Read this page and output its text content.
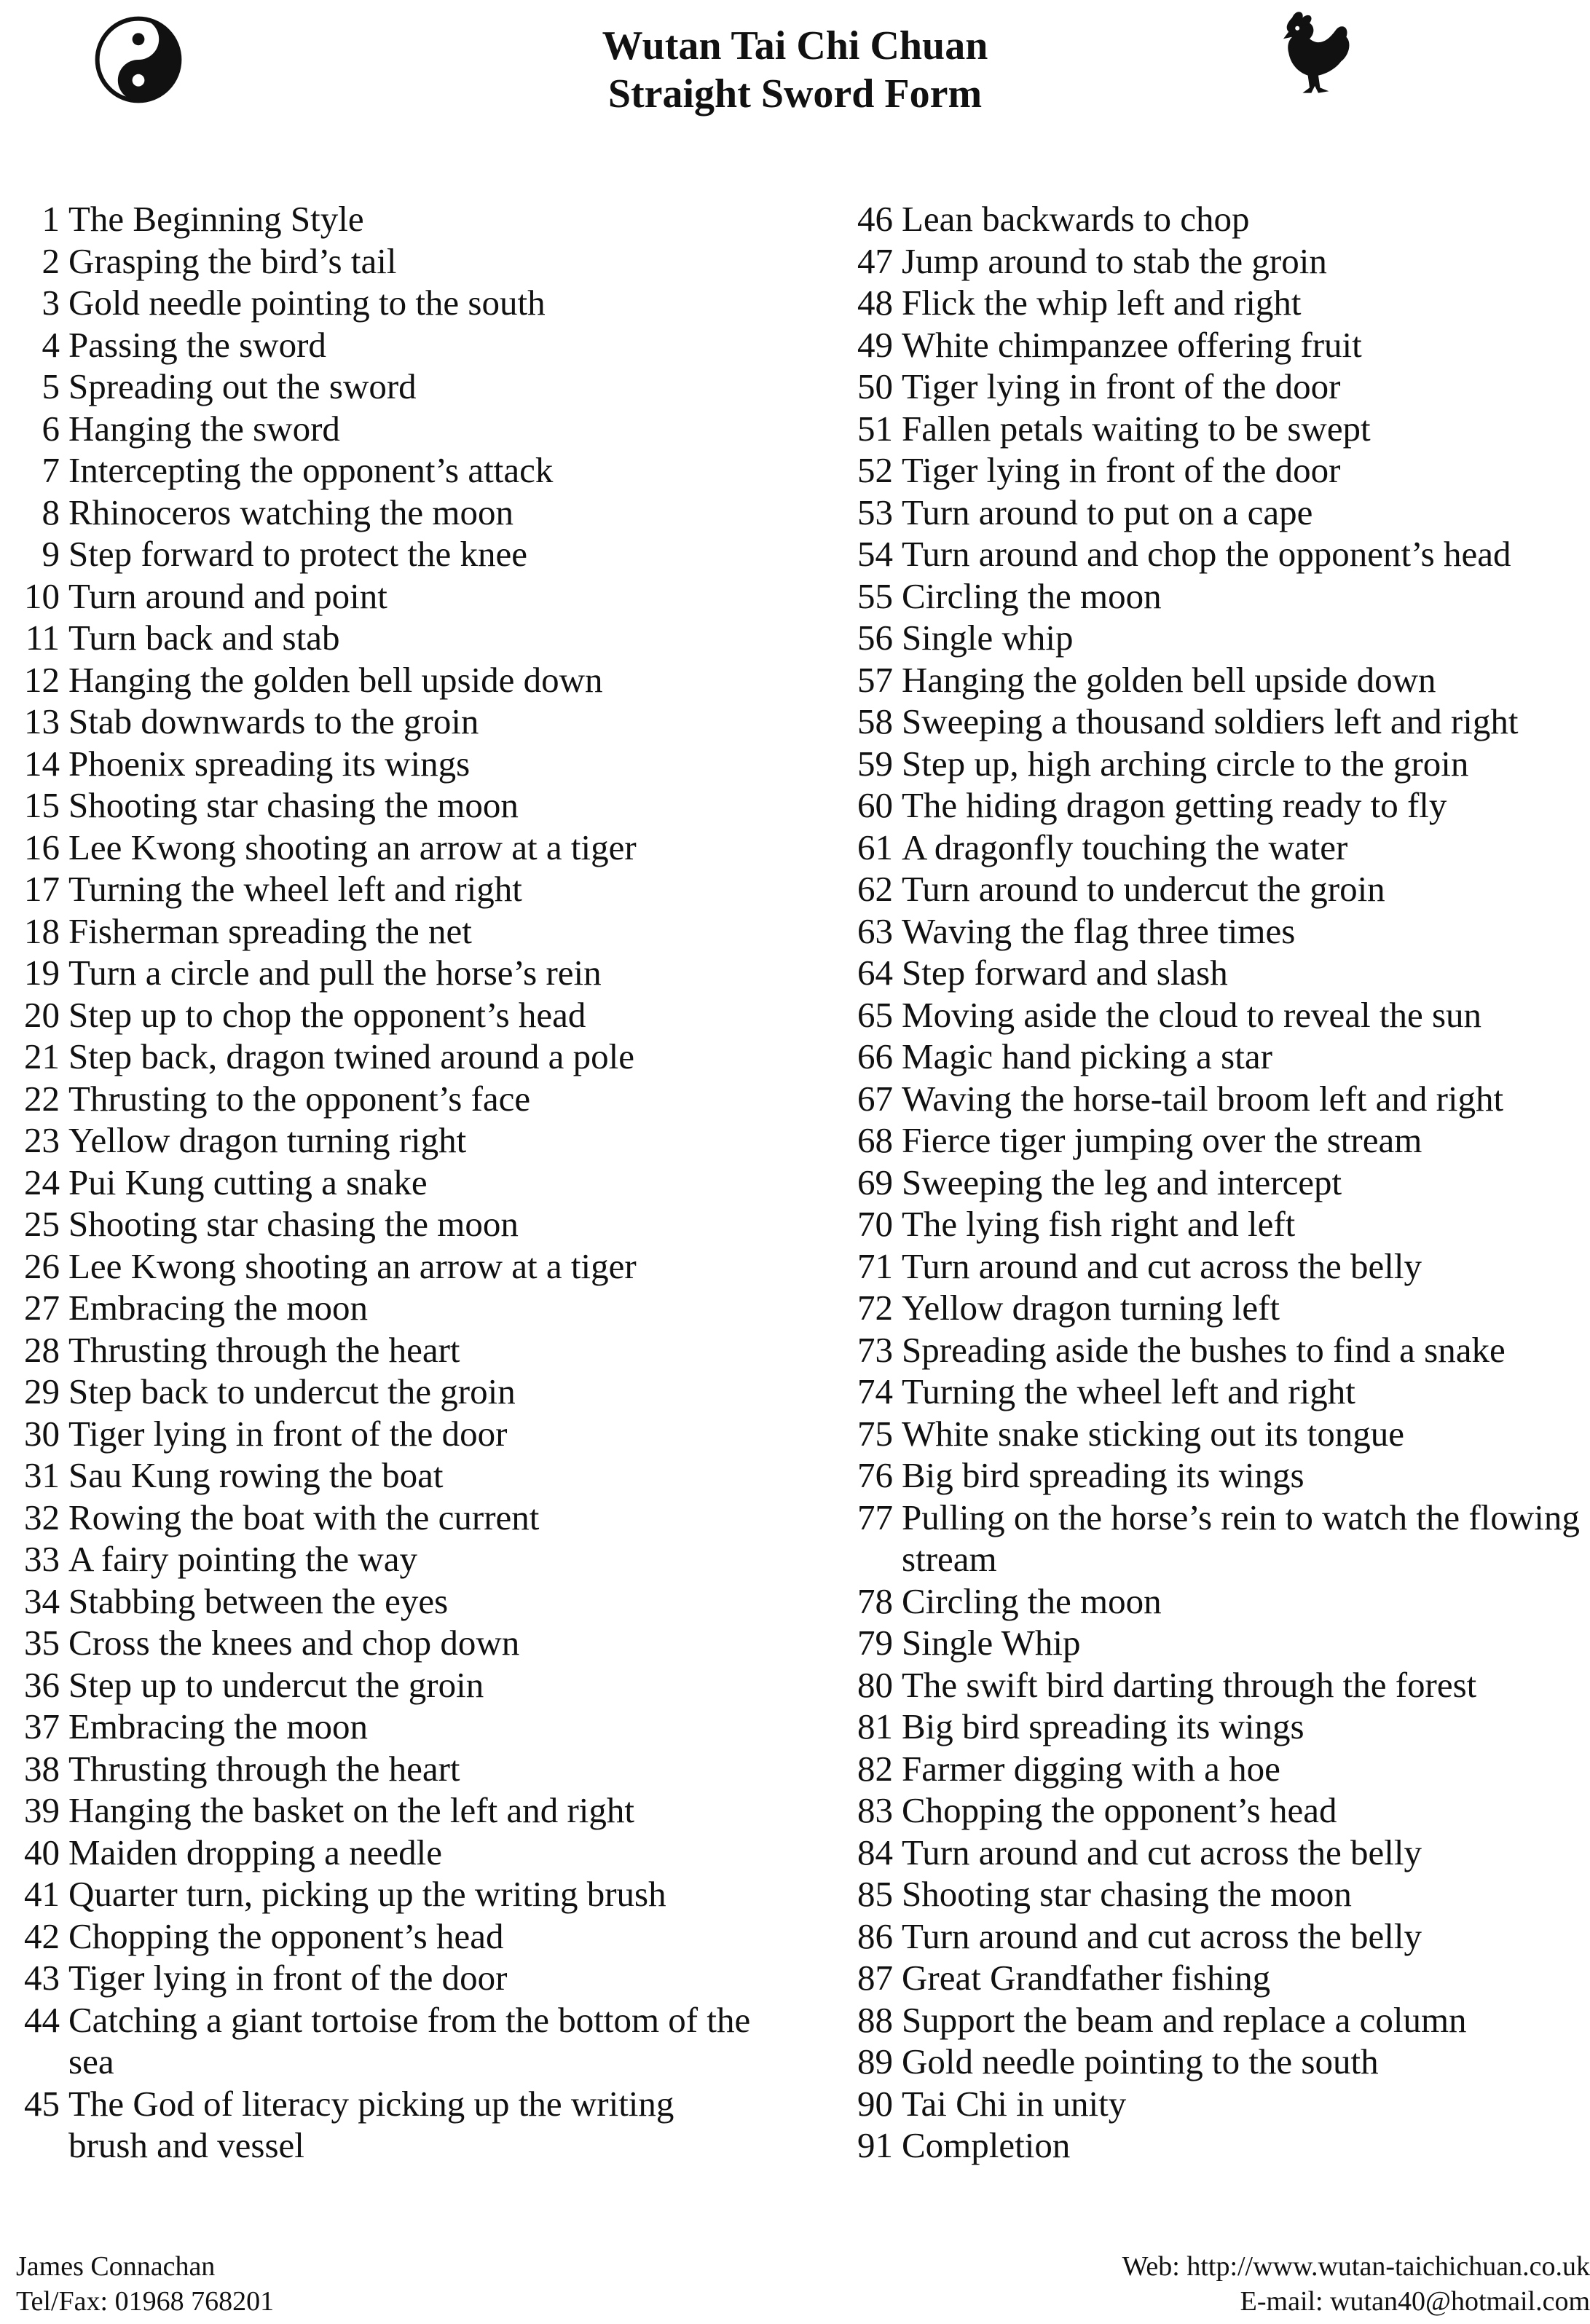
Wutan Tai Chi Chuan
Straight Sword Form
1 The Beginning Style
2 Grasping the bird’s tail
3 Gold needle pointing to the south
4 Passing the sword
5 Spreading out the sword
6 Hanging the sword
7 Intercepting the opponent’s attack
8 Rhinoceros watching the moon
9 Step forward to protect the knee
10 Turn around and point
11 Turn back and stab
12 Hanging the golden bell upside down
13 Stab downwards to the groin
14 Phoenix spreading its wings
15 Shooting star chasing the moon
16 Lee Kwong shooting an arrow at a tiger
17 Turning the wheel left and right
18 Fisherman spreading the net
19 Turn a circle and pull the horse’s rein
20 Step up to chop the opponent’s head
21 Step back, dragon twined around a pole
22 Thrusting to the opponent’s face
23 Yellow dragon turning right
24 Pui Kung cutting a snake
25 Shooting star chasing the moon
26 Lee Kwong shooting an arrow at a tiger
27 Embracing the moon
28 Thrusting through the heart
29 Step back to undercut the groin
30 Tiger lying in front of the door
31 Sau Kung rowing the boat
32 Rowing the boat with the current
33 A fairy pointing the way
34 Stabbing between the eyes
35 Cross the knees and chop down
36 Step up to undercut the groin
37 Embracing the moon
38 Thrusting through the heart
39 Hanging the basket on the left and right
40 Maiden dropping a needle
41 Quarter turn, picking up the writing brush
42 Chopping the opponent’s head
43 Tiger lying in front of the door
44 Catching a giant tortoise from the bottom of the sea
45 The God of literacy picking up the writing brush and vessel
46 Lean backwards to chop
47 Jump around to stab the groin
48 Flick the whip left and right
49 White chimpanzee offering fruit
50 Tiger lying in front of the door
51 Fallen petals waiting to be swept
52 Tiger lying in front of the door
53 Turn around to put on a cape
54 Turn around and chop the opponent’s head
55 Circling the moon
56 Single whip
57 Hanging the golden bell upside down
58 Sweeping a thousand soldiers left and right
59 Step up, high arching circle to the groin
60 The hiding dragon getting ready to fly
61 A dragonfly touching the water
62 Turn around to undercut the groin
63 Waving the flag three times
64 Step forward and slash
65 Moving aside the cloud to reveal the sun
66 Magic hand picking a star
67 Waving the horse-tail broom left and right
68 Fierce tiger jumping over the stream
69 Sweeping the leg and intercept
70 The lying fish right and left
71 Turn around and cut across the belly
72 Yellow dragon turning left
73 Spreading aside the bushes to find a snake
74 Turning the wheel left and right
75 White snake sticking out its tongue
76 Big bird spreading its wings
77 Pulling on the horse’s rein to watch the flowing stream
78 Circling the moon
79 Single Whip
80 The swift bird darting through the forest
81 Big bird spreading its wings
82 Farmer digging with a hoe
83 Chopping the opponent’s head
84 Turn around and cut across the belly
85 Shooting star chasing the moon
86 Turn around and cut across the belly
87 Great Grandfather fishing
88 Support the beam and replace a column
89 Gold needle pointing to the south
90 Tai Chi in unity
91 Completion
James Connachan
Tel/Fax: 01968 768201
Web: http://www.wutan-taichichuan.co.uk
E-mail: wutan40@hotmail.com
